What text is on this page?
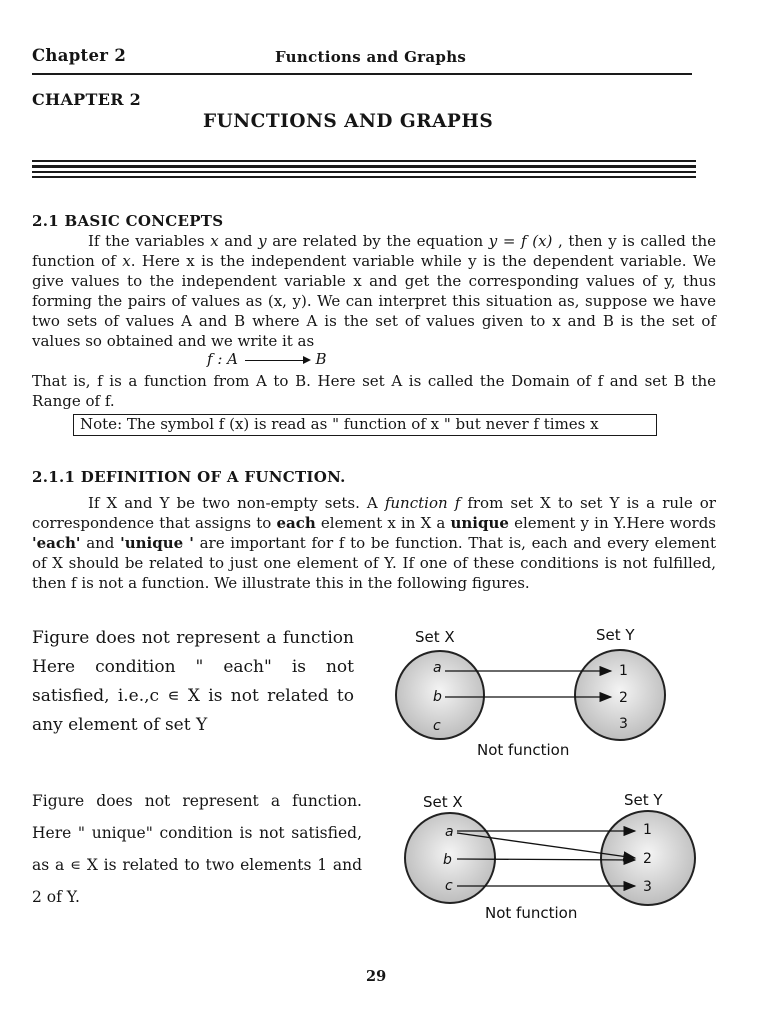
Chapter 2	Functions and Graphs
CHAPTER 2
FUNCTIONS AND GRAPHS
2.1 BASIC CONCEPTS

If the variables x and y are related by the equation y = f (x) , then y is called the function of x. Here x is the independent variable while y is the dependent variable. We give values to the independent variable x and get the corresponding values of y, thus forming the pairs of values as (x, y). We can interpret this situation as, suppose we have two sets of values A and B where A is the set of values given to x and B is the set of values so obtained and we write it as

f : A	B

That is, f is a function from A to B. Here set A is called the Domain of f and set B the Range of f.

Note: The symbol f (x) is read as " function of x " but never f times x
2.1.1 DEFINITION OF A FUNCTION.

If X and Y be two non-empty sets. A function f from set X to set Y is a rule or correspondence that assigns to each element x in X a unique element y in Y.Here words 'each' and 'unique ' are important for f to be function. That is, each and every element of X should be related to just one element of Y. If one of these conditions is not fulfilled, then f is not a function. We illustrate this in the following figures.

Figure does not represent a function Here condition " each" is not satisfied, i.e.,c ∊ X is not related to any element of set Y

Set X	Set Y
a
b
c
1
2
3
Not function

Figure does not represent a function. Here " unique" condition is not satisfied, as a ∊ X is related to two elements 1 and 2 of Y.

Set X	Set Y
a
b
c
1
2
3
Not function
29
